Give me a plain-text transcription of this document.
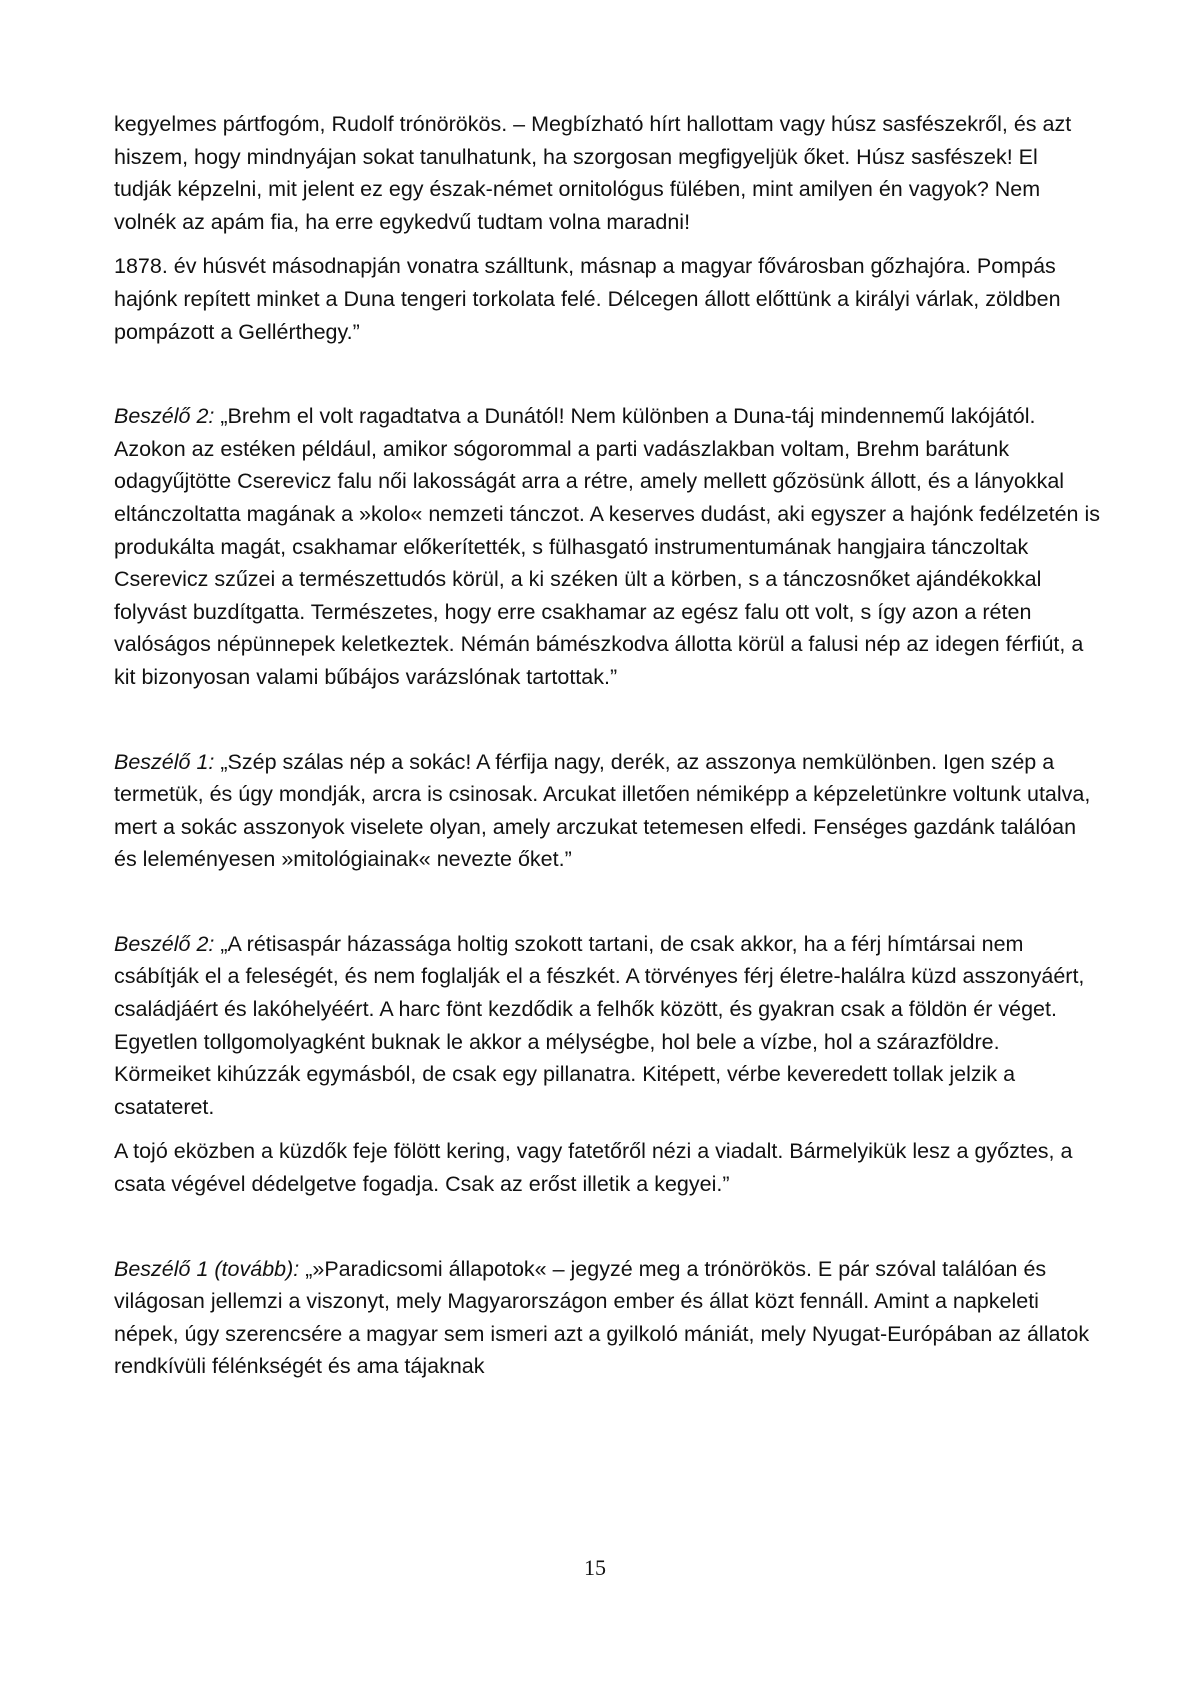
kegyelmes pártfogóm, Rudolf trónörökös. – Megbízható hírt hallottam vagy húsz sasfészekről, és azt hiszem, hogy mindnyájan sokat tanulhatunk, ha szorgosan megfigyeljük őket. Húsz sasfészek! El tudják képzelni, mit jelent ez egy észak-német ornitológus fülében, mint amilyen én vagyok? Nem volnék az apám fia, ha erre egykedvű tudtam volna maradni!

1878. év húsvét másodnapján vonatra szálltunk, másnap a magyar fővárosban gőzhajóra. Pompás hajónk repített minket a Duna tengeri torkolata felé. Délcegen állott előttünk a királyi várlak, zöldben pompázott a Gellérthegy.”

Beszélő 2: „Brehm el volt ragadtatva a Dunától! Nem különben a Duna-táj mindennemű lakójától. Azokon az estéken például, amikor sógorommal a parti vadászlakban voltam, Brehm barátunk odagyűjtötte Cserevicz falu női lakosságát arra a rétre, amely mellett gőzösünk állott, és a lányokkal eltánczoltatta magának a »kolo« nemzeti tánczot. A keserves dudást, aki egyszer a hajónk fedélzetén is produkálta magát, csakhamar előkerítették, s fülhasgató instrumentumának hangjaira tánczoltak Cserevicz szűzei a természettudós körül, a ki széken ült a körben, s a tánczosnőket ajándékokkal folyvást buzdítgatta. Természetes, hogy erre csakhamar az egész falu ott volt, s így azon a réten valóságos népünnepek keletkeztek. Némán bámészkodva állotta körül a falusi nép az idegen férfiút, a kit bizonyosan valami bűbájos varázslónak tartottak.”

Beszélő 1: „Szép szálas nép a sokác! A férfija nagy, derék, az asszonya nemkülönben. Igen szép a termetük, és úgy mondják, arcra is csinosak. Arcukat illetően némiképp a képzeletünkre voltunk utalva, mert a sokác asszonyok viselete olyan, amely arczukat tetemesen elfedi. Fenséges gazdánk találóan és leleményesen »mitológiainak« nevezte őket.”

Beszélő 2: „A rétisaspár házassága holtig szokott tartani, de csak akkor, ha a férj hímtársai nem csábítják el a feleségét, és nem foglalják el a fészkét. A törvényes férj életre-halálra küzd asszonyáért, családjáért és lakóhelyéért. A harc fönt kezdődik a felhők között, és gyakran csak a földön ér véget. Egyetlen tollgomolyagként buknak le akkor a mélységbe, hol bele a vízbe, hol a szárazföldre. Körmeiket kihúzzák egymásból, de csak egy pillanatra. Kitépett, vérbe keveredett tollak jelzik a csatateret.

A tojó eközben a küzdők feje fölött kering, vagy fatetőről nézi a viadalt. Bármelyikük lesz a győztes, a csata végével dédelgetve fogadja. Csak az erőst illetik a kegyei.”

Beszélő 1 (tovább): „»Paradicsomi állapotok« – jegyzé meg a trónörökös. E pár szóval találóan és világosan jellemzi a viszonyt, mely Magyarországon ember és állat közt fennáll. Amint a napkeleti népek, úgy szerencsére a magyar sem ismeri azt a gyilkoló mániát, mely Nyugat-Európában az állatok rendkívüli félénkségét és ama tájaknak

15
